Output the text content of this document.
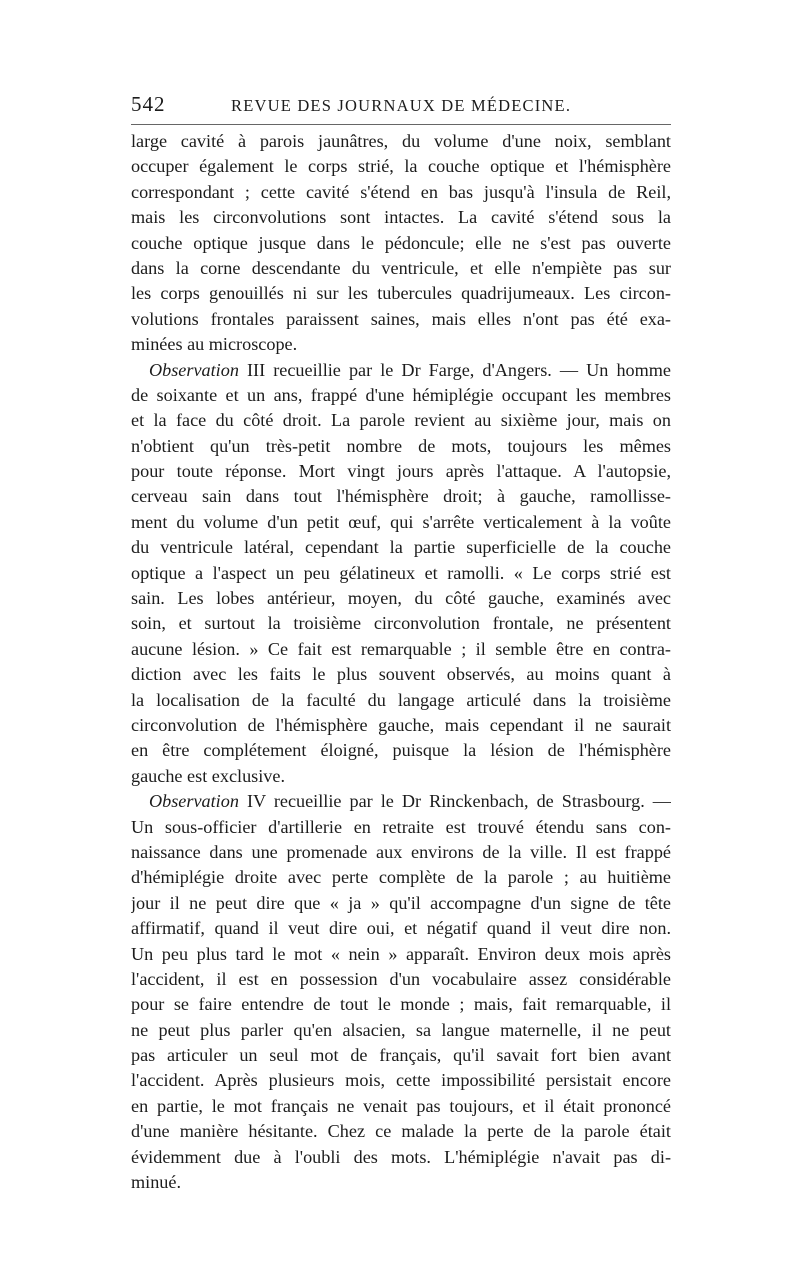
542	REVUE DES JOURNAUX DE MÉDECINE.
large cavité à parois jaunâtres, du volume d'une noix, semblant
occuper également le corps strié, la couche optique et l'hémisphère
correspondant ; cette cavité s'étend en bas jusqu'à l'insula de Reil,
mais les circonvolutions sont intactes. La cavité s'étend sous la
couche optique jusque dans le pédoncule; elle ne s'est pas ouverte
dans la corne descendante du ventricule, et elle n'empiète pas sur
les corps genouillés ni sur les tubercules quadrijumeaux. Les circon-
volutions frontales paraissent saines, mais elles n'ont pas été exa-
minées au microscope.
Observation III recueillie par le Dr Farge, d'Angers. — Un homme
de soixante et un ans, frappé d'une hémiplégie occupant les membres
et la face du côté droit. La parole revient au sixième jour, mais on
n'obtient qu'un très-petit nombre de mots, toujours les mêmes
pour toute réponse. Mort vingt jours après l'attaque. A l'autopsie,
cerveau sain dans tout l'hémisphère droit; à gauche, ramollisse-
ment du volume d'un petit œuf, qui s'arrête verticalement à la voûte
du ventricule latéral, cependant la partie superficielle de la couche
optique a l'aspect un peu gélatineux et ramolli. « Le corps strié est
sain. Les lobes antérieur, moyen, du côté gauche, examinés avec
soin, et surtout la troisième circonvolution frontale, ne présentent
aucune lésion. » Ce fait est remarquable ; il semble être en contra-
diction avec les faits le plus souvent observés, au moins quant à
la localisation de la faculté du langage articulé dans la troisième
circonvolution de l'hémisphère gauche, mais cependant il ne saurait
en être complétement éloigné, puisque la lésion de l'hémisphère
gauche est exclusive.
Observation IV recueillie par le Dr Rinckenbach, de Strasbourg. —
Un sous-officier d'artillerie en retraite est trouvé étendu sans con-
naissance dans une promenade aux environs de la ville. Il est frappé
d'hémiplégie droite avec perte complète de la parole ; au huitième
jour il ne peut dire que « ja » qu'il accompagne d'un signe de tête
affirmatif, quand il veut dire oui, et négatif quand il veut dire non.
Un peu plus tard le mot « nein » apparaît. Environ deux mois après
l'accident, il est en possession d'un vocabulaire assez considérable
pour se faire entendre de tout le monde ; mais, fait remarquable, il
ne peut plus parler qu'en alsacien, sa langue maternelle, il ne peut
pas articuler un seul mot de français, qu'il savait fort bien avant
l'accident. Après plusieurs mois, cette impossibilité persistait encore
en partie, le mot français ne venait pas toujours, et il était prononcé
d'une manière hésitante. Chez ce malade la perte de la parole était
évidemment due à l'oubli des mots. L'hémiplégie n'avait pas di-
minué.
